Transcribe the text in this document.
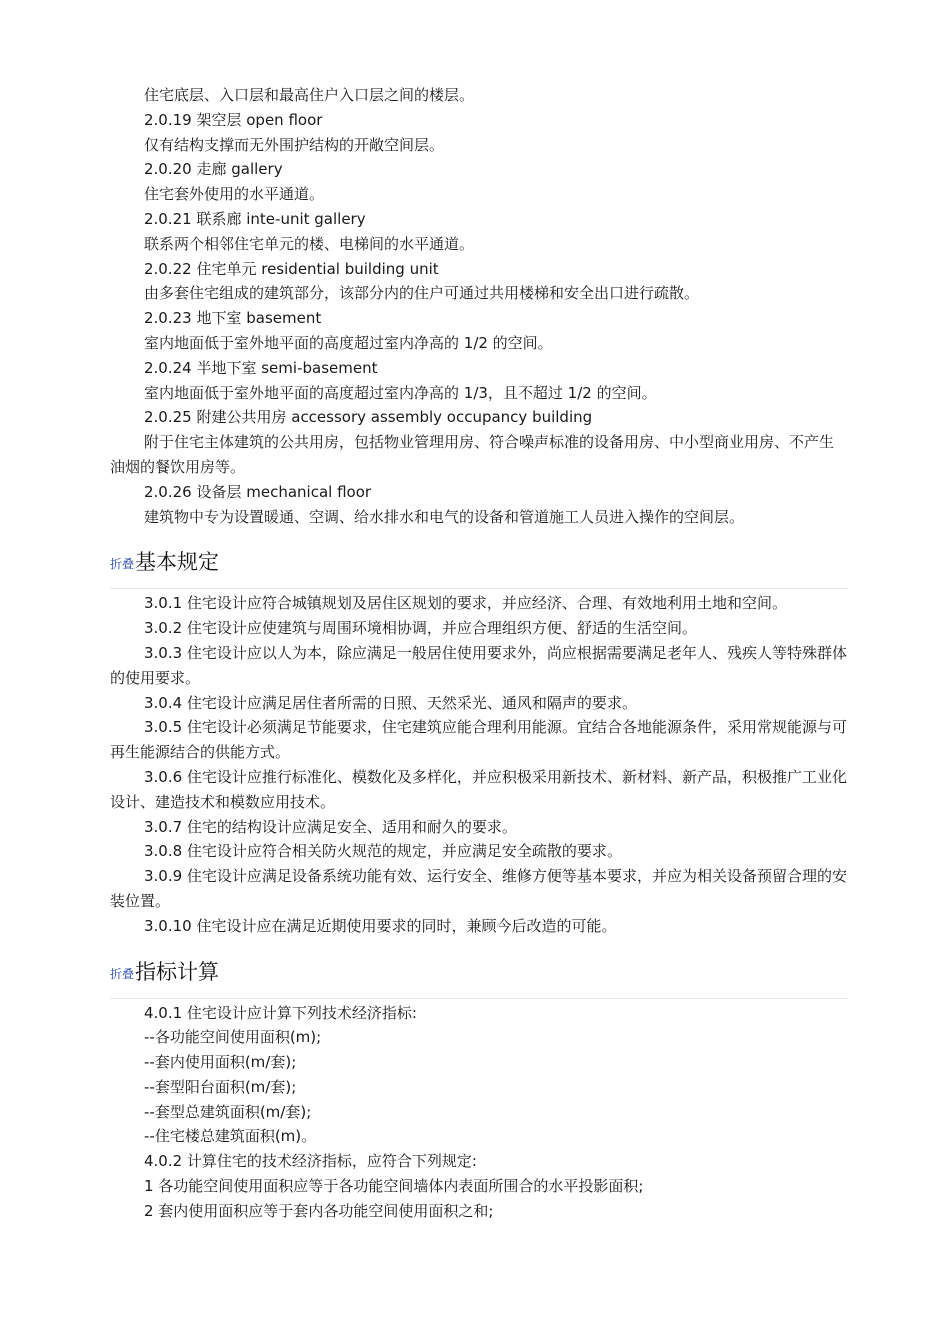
住宅底层、入口层和最高住户入口层之间的楼层。
2.0.19 架空层 open floor
仅有结构支撑而无外围护结构的开敞空间层。
2.0.20 走廊 gallery
住宅套外使用的水平通道。
2.0.21 联系廊 inte-unit gallery
联系两个相邻住宅单元的楼、电梯间的水平通道。
2.0.22 住宅单元 residential building unit
由多套住宅组成的建筑部分，该部分内的住户可通过共用楼梯和安全出口进行疏散。
2.0.23 地下室 basement
室内地面低于室外地平面的高度超过室内净高的 1/2 的空间。
2.0.24 半地下室 semi-basement
室内地面低于室外地平面的高度超过室内净高的 1/3，且不超过 1/2 的空间。
2.0.25 附建公共用房 accessory assembly occupancy building
附于住宅主体建筑的公共用房，包括物业管理用房、符合噪声标准的设备用房、中小型商业用房、不产生油烟的餐饮用房等。
2.0.26 设备层 mechanical floor
建筑物中专为设置暖通、空调、给水排水和电气的设备和管道施工人员进入操作的空间层。
折叠 基本规定
3.0.1 住宅设计应符合城镇规划及居住区规划的要求，并应经济、合理、有效地利用土地和空间。
3.0.2 住宅设计应使建筑与周围环境相协调，并应合理组织方便、舒适的生活空间。
3.0.3 住宅设计应以人为本，除应满足一般居住使用要求外，尚应根据需要满足老年人、残疾人等特殊群体的使用要求。
3.0.4 住宅设计应满足居住者所需的日照、天然采光、通风和隔声的要求。
3.0.5 住宅设计必须满足节能要求，住宅建筑应能合理利用能源。宜结合各地能源条件，采用常规能源与可再生能源结合的供能方式。
3.0.6 住宅设计应推行标准化、模数化及多样化，并应积极采用新技术、新材料、新产品，积极推广工业化设计、建造技术和模数应用技术。
3.0.7 住宅的结构设计应满足安全、适用和耐久的要求。
3.0.8 住宅设计应符合相关防火规范的规定，并应满足安全疏散的要求。
3.0.9 住宅设计应满足设备系统功能有效、运行安全、维修方便等基本要求，并应为相关设备预留合理的安装位置。
3.0.10 住宅设计应在满足近期使用要求的同时，兼顾今后改造的可能。
折叠 指标计算
4.0.1 住宅设计应计算下列技术经济指标:
--各功能空间使用面积(m);
--套内使用面积(m/套);
--套型阳台面积(m/套);
--套型总建筑面积(m/套);
--住宅楼总建筑面积(m)。
4.0.2 计算住宅的技术经济指标，应符合下列规定:
1 各功能空间使用面积应等于各功能空间墙体内表面所围合的水平投影面积;
2 套内使用面积应等于套内各功能空间使用面积之和;
